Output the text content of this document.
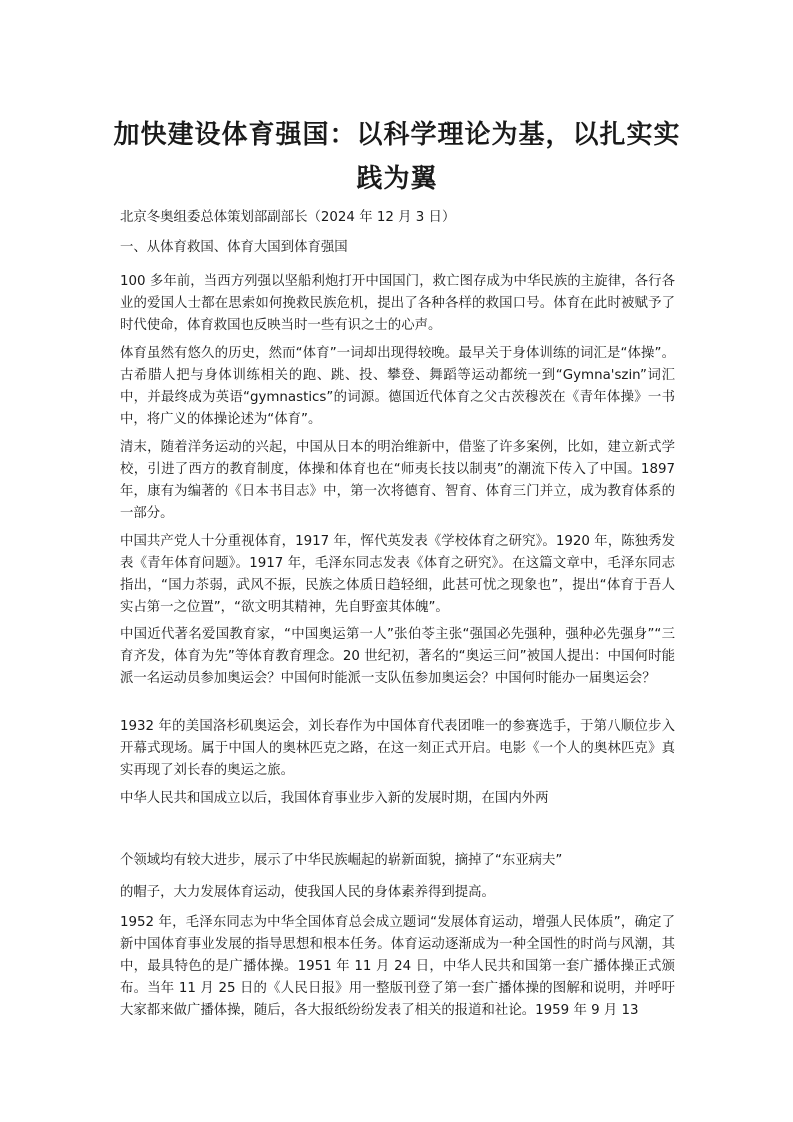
加快建设体育强国：以科学理论为基，以扎实实践为翼

北京冬奥组委总体策划部副部长（2024 年 12 月 3 日）

一、从体育救国、体育大国到体育强国

100 多年前，当西方列强以坚船利炮打开中国国门，救亡图存成为中华民族的主旋律，各行各业的爱国人士都在思索如何挽救民族危机，提出了各种各样的救国口号。体育在此时被赋予了时代使命，体育救国也反映当时一些有识之士的心声。

体育虽然有悠久的历史，然而“体育”一词却出现得较晚。最早关于身体训练的词汇是“体操”。古希腊人把与身体训练相关的跑、跳、投、攀登、舞蹈等运动都统一到“Gymna'szin”词汇中，并最终成为英语“gymnastics”的词源。德国近代体育之父古茨穆茨在《青年体操》一书中，将广义的体操论述为“体育”。

清末，随着洋务运动的兴起，中国从日本的明治维新中，借鉴了许多案例，比如，建立新式学校，引进了西方的教育制度，体操和体育也在“师夷长技以制夷”的潮流下传入了中国。1897 年，康有为编著的《日本书目志》中，第一次将德育、智育、体育三门并立，成为教育体系的一部分。

中国共产党人十分重视体育，1917 年，恽代英发表《学校体育之研究》。1920 年，陈独秀发表《青年体育问题》。1917 年，毛泽东同志发表《体育之研究》。在这篇文章中，毛泽东同志指出，“国力苶弱，武风不振，民族之体质日趋轻细，此甚可忧之现象也”，提出“体育于吾人实占第一之位置”，“欲文明其精神，先自野蛮其体魄”。

中国近代著名爱国教育家，“中国奥运第一人”张伯苓主张“强国必先强种，强种必先强身”“三育齐发，体育为先”等体育教育理念。20 世纪初，著名的“奥运三问”被国人提出：中国何时能派一名运动员参加奥运会？中国何时能派一支队伍参加奥运会？中国何时能办一届奥运会？

1932 年的美国洛杉矶奥运会，刘长春作为中国体育代表团唯一的参赛选手，于第八顺位步入开幕式现场。属于中国人的奥林匹克之路，在这一刻正式开启。电影《一个人的奥林匹克》真实再现了刘长春的奥运之旅。

中华人民共和国成立以后，我国体育事业步入新的发展时期，在国内外两

个领域均有较大进步，展示了中华民族崛起的崭新面貌，摘掉了“东亚病夫”

的帽子，大力发展体育运动，使我国人民的身体素养得到提高。

1952 年，毛泽东同志为中华全国体育总会成立题词“发展体育运动，增强人民体质”，确定了新中国体育事业发展的指导思想和根本任务。体育运动逐渐成为一种全国性的时尚与风潮，其中，最具特色的是广播体操。1951 年 11 月 24 日，中华人民共和国第一套广播体操正式颁布。当年 11 月 25 日的《人民日报》用一整版刊登了第一套广播体操的图解和说明，并呼吁大家都来做广播体操，随后，各大报纸纷纷发表了相关的报道和社论。1959 年 9 月 13
